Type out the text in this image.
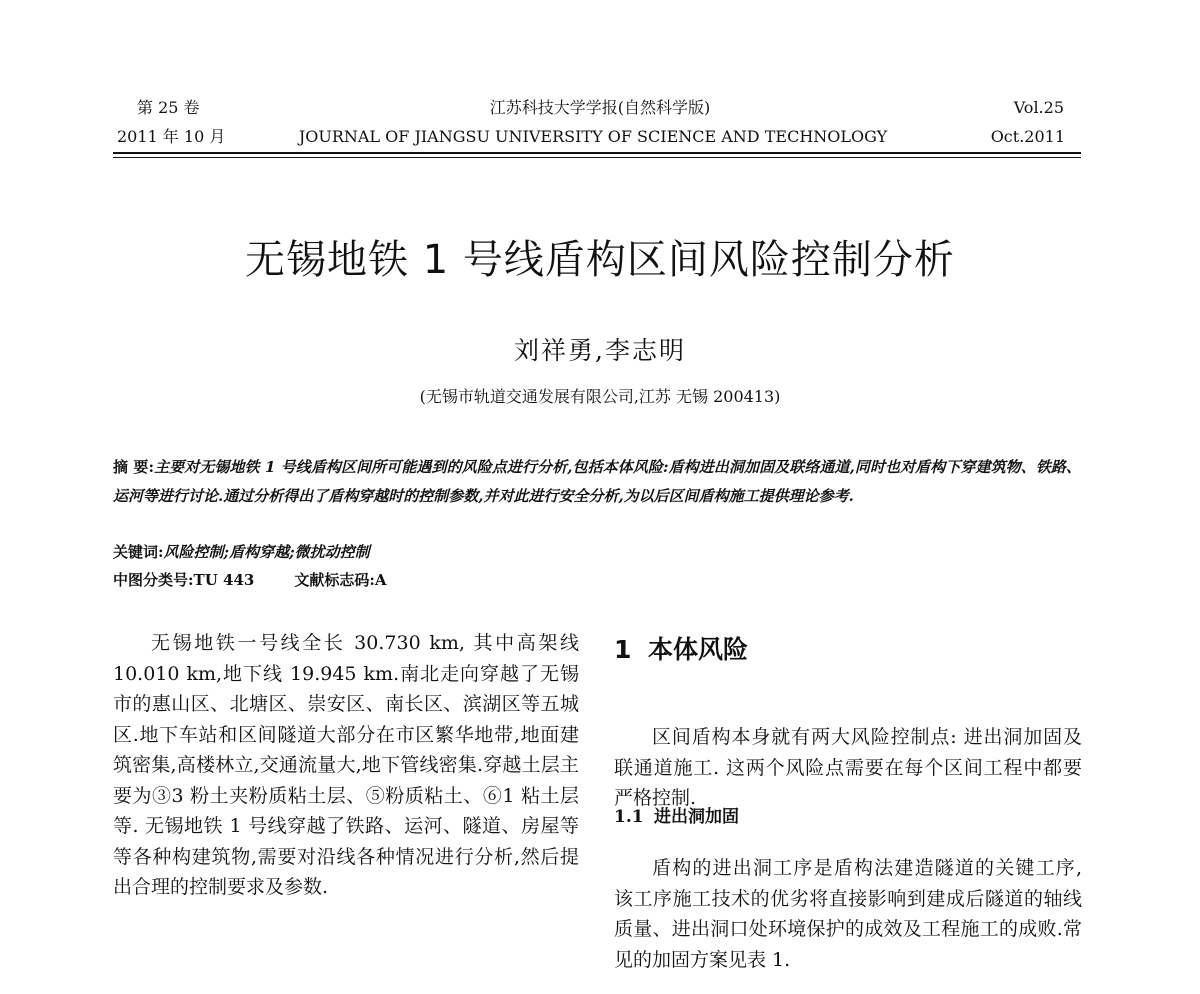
第 25 卷
2011 年 10 月
江苏科技大学学报(自然科学版)
JOURNAL OF JIANGSU UNIVERSITY OF SCIENCE AND TECHNOLOGY
Vol.25
Oct.2011
无锡地铁 1 号线盾构区间风险控制分析
刘祥勇,李志明
(无锡市轨道交通发展有限公司,江苏 无锡 200413)
摘 要:主要对无锡地铁 1 号线盾构区间所可能遇到的风险点进行分析,包括本体风险:盾构进出洞加固及联络通道,同时也对盾构下穿建筑物、铁路、运河等进行讨论.通过分析得出了盾构穿越时的控制参数,并对此进行安全分析,为以后区间盾构施工提供理论参考.
关键词:风险控制;盾构穿越;微扰动控制
中图分类号:TU 443	文献标志码:A

无锡地铁一号线全长 30.730 km, 其中高架线 10.010 km,地下线 19.945 km.南北走向穿越了无锡市的惠山区、北塘区、崇安区、南长区、滨湖区等五城区.地下车站和区间隧道大部分在市区繁华地带,地面建筑密集,高楼林立,交通流量大,地下管线密集.穿越土层主要为③3 粉土夹粉质粘土层、⑤粉质粘土、⑥1 粘土层等. 无锡地铁 1 号线穿越了铁路、运河、隧道、房屋等等各种构建筑物,需要对沿线各种情况进行分析,然后提出合理的控制要求及参数.

1 本体风险

区间盾构本身就有两大风险控制点: 进出洞加固及联通道施工. 这两个风险点需要在每个区间工程中都要严格控制.

1.1 进出洞加固

盾构的进出洞工序是盾构法建造隧道的关键工序, 该工序施工技术的优劣将直接影响到建成后隧道的轴线质量、进出洞口处环境保护的成效及工程施工的成败.常见的加固方案见表 1.
